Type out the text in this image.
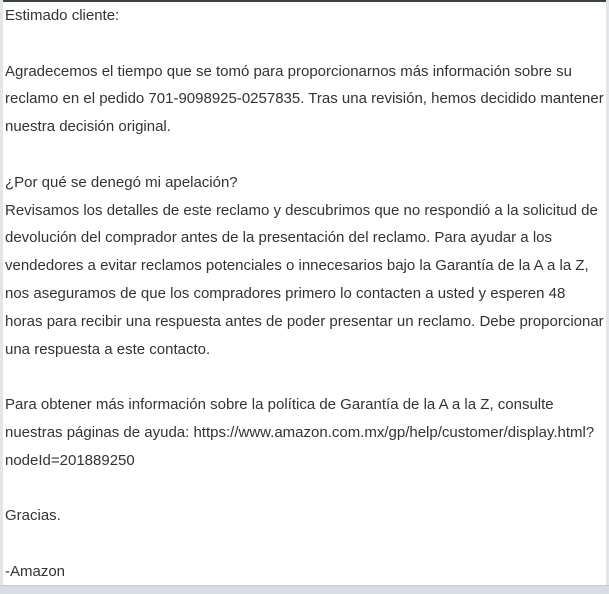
Estimado cliente:
Agradecemos el tiempo que se tomó para proporcionarnos más información sobre su
reclamo en el pedido 701-9098925-0257835. Tras una revisión, hemos decidido mantener
nuestra decisión original.
¿Por qué se denegó mi apelación?
Revisamos los detalles de este reclamo y descubrimos que no respondió a la solicitud de
devolución del comprador antes de la presentación del reclamo. Para ayudar a los
vendedores a evitar reclamos potenciales o innecesarios bajo la Garantía de la A a la Z,
nos aseguramos de que los compradores primero lo contacten a usted y esperen 48
horas para recibir una respuesta antes de poder presentar un reclamo. Debe proporcionar
una respuesta a este contacto.
Para obtener más información sobre la política de Garantía de la A a la Z, consulte
nuestras páginas de ayuda: https://www.amazon.com.mx/gp/help/customer/display.html?
nodeId=201889250
Gracias.
-Amazon
